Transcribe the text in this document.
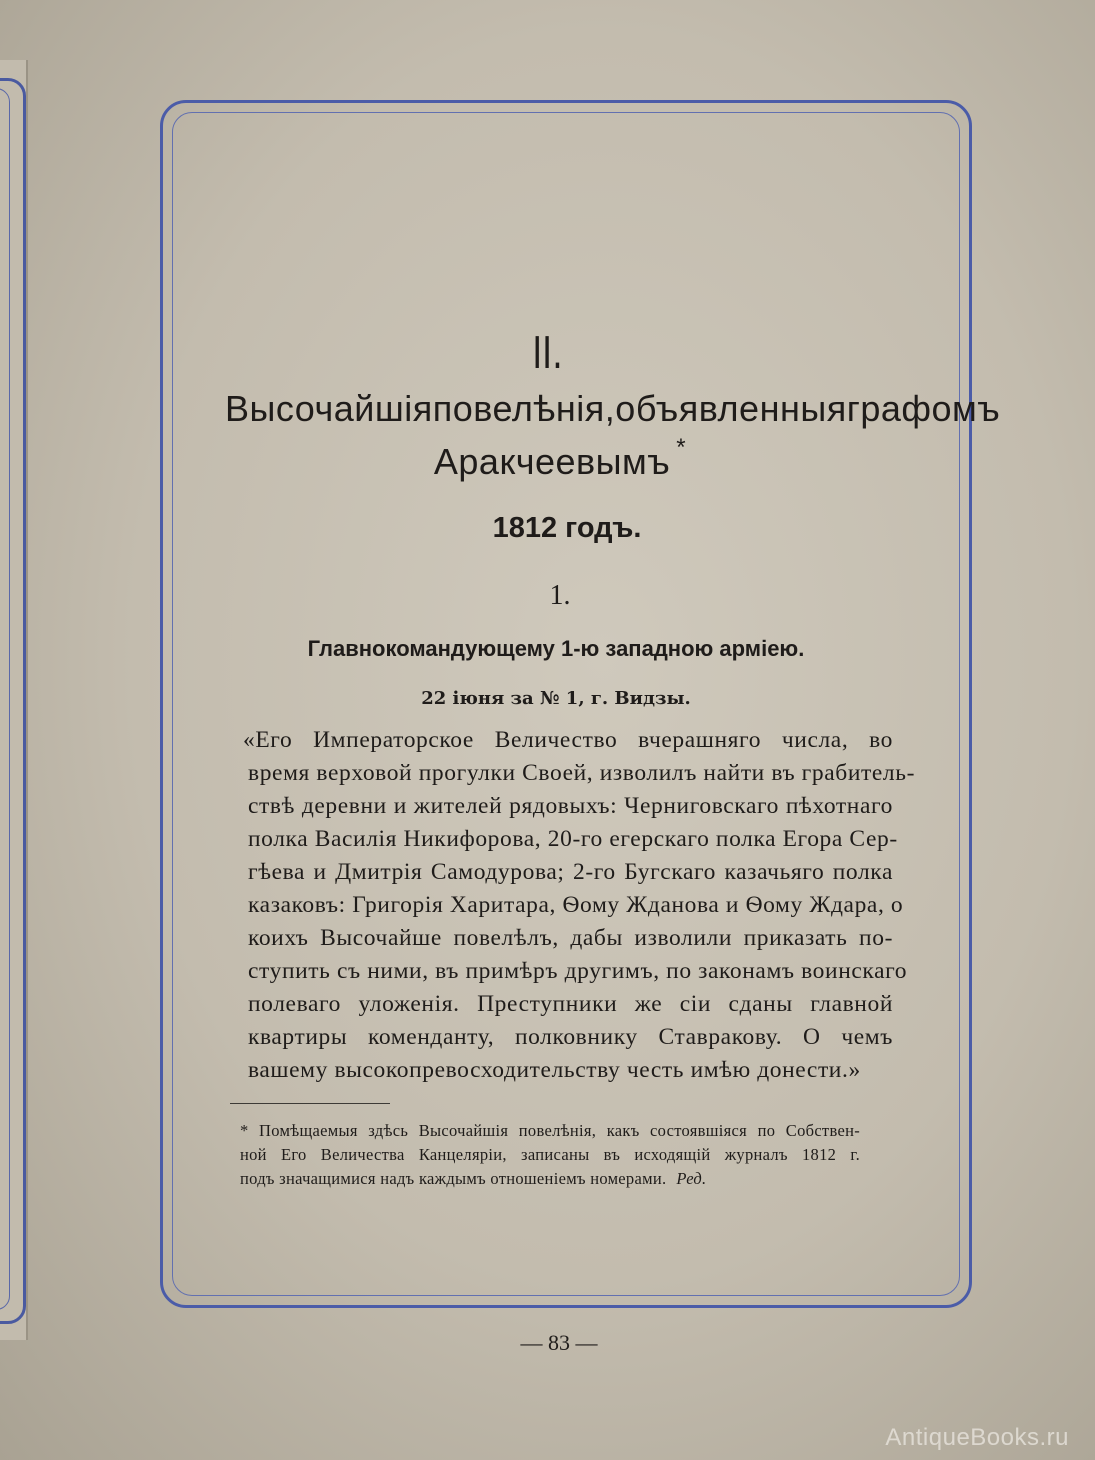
II.
Высочайшія повелѣнія, объявленныя графомъ
Аракчеевымъ *
1812 годъ.
1.
Главнокомандующему 1-ю западною арміею.
22 іюня за № 1, г. Видзы.
«Его Императорское Величество вчерашняго числа, во
время верховой прогулки Своей, изволилъ найти въ грабитель-
ствѣ деревни и жителей рядовыхъ: Черниговскаго пѣхотнаго
полка Василія Никифорова, 20-го егерскаго полка Егора Сер-
гѣева и Дмитрія Самодурова; 2-го Бугскаго казачьяго полка
казаковъ: Григорія Харитара, Ѳому Жданова и Ѳому Ждара, о
коихъ Высочайше повелѣлъ, дабы изволили приказать по-
ступить съ ними, въ примѣръ другимъ, по законамъ воинскаго
полеваго уложенія. Преступники же сіи сданы главной
квартиры коменданту, полковнику Ставракову. О чемъ
вашему высокопревосходительству честь имѣю донести.»
* Помѣщаемыя здѣсь Высочайшія повелѣнія, какъ состоявшіяся по Собствен-
ной Его Величества Канцеляріи, записаны въ исходящій журналъ 1812 г.
подъ значащимися надъ каждымъ отношеніемъ номерами. Ред.
— 83 —
AntiqueBooks.ru
